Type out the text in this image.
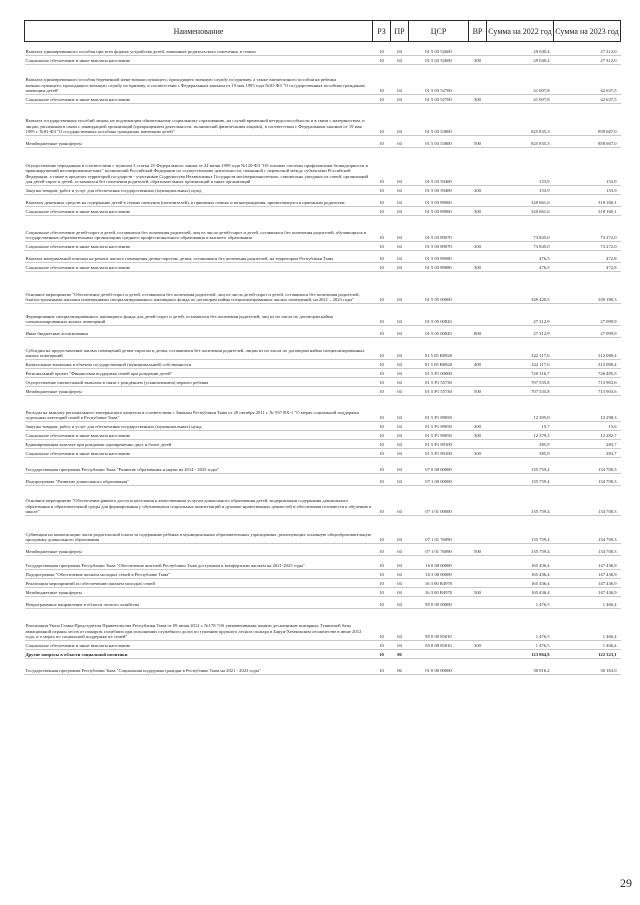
Наименование	РЗ	ПР	ЦСР	ВР	Сумма на 2022 год	Сумма на 2023 год
Выплата единовременного пособия при всех формах устройства детей, лишенных родительского попечения, в семью	10	04	01 5 03 52600		29 040,4	27 312,0
Социальное обеспечение и иные выплаты населению	10	04	01 5 03 52600	300	29 040,4	27 312,0
Выплата единовременного пособия беременной жене военнослужащего, проходящего военную службу по призыву, а также ежемесячного пособия на ребенка военнослужащего, проходящего военную службу по призыву, в соответствии с Федеральным законом от 19 мая 1995 года №81-ФЗ "О государственных пособиях гражданам, имеющим детей"	10	04	01 5 03 52700		41 007,8	42 637,5
Социальное обеспечение и иные выплаты населению	10	04	01 5 03 52700	300	41 007,8	42 637,5
Выплата государственных пособий лицам, не подлежащим обязательному социальному страхованию, на случай временной нетрудоспособности и в связи с материнством, и лицам, уволенным в связи с ликвидацией организаций (прекращением деятельности, полномочий физическими лицами), в соответствии с Федеральным законом от 19 мая 1995 г. №81-ФЗ "О государственных пособиях гражданам, имеющим детей"	10	04	01 5 03 53800		825 835,3	858 667,0
Межбюджетные трансферты	10	04	01 5 03 53800	500	825 835,3	858 667,0
Осуществление переданных в соответствии с пунктом 3 статьи 25 Федерального закона от 24 июня 1999 года №120-ФЗ "Об основах системы профилактики безнадзорности и правонарушений несовершеннолетних" полномочий Российской Федерации по осуществлению деятельности, связанной с перевозкой между субъектами Российской Федерации, а также в пределах территорий государств - участников Содружества Независимых Государств несовершеннолетних, самовольно ушедших из семей, организаций для детей-сирот и детей, оставшихся без попечения родителей, образовательных организаций и иных организаций	10	04	01 5 03 59400		153,9	153,9
Закупка товаров, работ и услуг для обеспечения государственных (муниципальных) нужд	10	04	01 5 03 59400	200	153,9	153,9
Выплаты денежных средств на содержание детей в семьях опекунов (попечителей), в приемных семьях и вознаграждения, причитающегося приемным родителям	10	04	01 5 03 89060		320 661,6	318 160,1
Социальное обеспечение и иные выплаты населению	10	04	01 5 03 89060	300	320 661,6	318 160,1
Социальное обеспечение детей-сирот и детей, оставшихся без попечения родителей, лиц из числа детей-сирот и детей, оставшихся без попечения родителей, обучающихся в государственных образовательных организациях среднего профессионального образования и высшего образования	10	04	01 5 03 89070		73 845,0	73 272,0
Социальное обеспечение и иные выплаты населению	10	04	01 5 03 89070	300	73 845,0	73 272,0
Выплата материальной помощи на ремонт жилого помещения детям-сиротам, детям, оставшимся без попечения родителей, на территории Республики Тыва	10	04	01 5 03 89080		476,5	472,8
Социальное обеспечение и иные выплаты населению	10	04	01 5 03 89080	300	476,5	472,8
Основное мероприятие "Обеспечение детей-сирот и детей, оставшихся без попечения родителей, лиц из числа детей-сирот и детей, оставшихся без попечения родителей, благоустроенными жилыми помещениями специализированного жилищного фонда по договорам найма специализированных жилых помещений, на 2021 – 2023 годы"	10	04	01 5 05 00000		349 420,5	339 180,3
Формирование специализированного жилищного фонда для детей-сирот и детей, оставшихся без попечения родителей, лиц из их числа по договорам найма специализированных жилых помещений	10	04	01 5 05 00820		27 312,9	27 099,9
Иные бюджетные ассигнования	10	04	01 5 05 00820	800	27 312,9	27 099,9
Субсидии на предоставление жилых помещений детям-сиротам и детям, оставшимся без попечения родителей, лицам из их числа по договорам найма специализированных жилых помещений	10	04	01 5 05 R0820		322 117,6	312 080,4
Капитальные вложения в объекты государственной (муниципальной) собственности	10	04	01 5 05 R0820	400	322 117,6	312 080,4
Региональный проект "Финансовая поддержка семей при рождении детей"	10	04	01 5 P1 00000		720 316,7	726 485,5
Осуществление ежемесячной выплаты в связи с рождением (усыновлением) первого ребенка	10	04	01 5 P1 55730		707 535,8	713 903,6
Межбюджетные трансферты	10	04	01 5 P1 55730	500	707 535,8	713 903,6
Расходы на выплату регионального материнского капитала в соответствии с Законом Республики Тыва от 28 октября 2011 г. № 937 ВХ-1 "О мерах социальной поддержки отдельных категорий семей в Республике Тыва"	10	04	01 5 P1 89050		12 395,0	12 298,3
Закупка товаров, работ и услуг для обеспечения государственных (муниципальных) нужд	10	04	01 5 P1 89050	200	15,7	15,6
Социальное обеспечение и иные выплаты населению	10	04	01 5 P1 89050	300	12 379,3	12 282,7
Единовременная выплата при рождении одновременно двух и более детей	10	04	01 5 P1 89100		385,9	283,7
Социальное обеспечение и иные выплаты населению	10	04	01 5 P1 89100	300	385,9	283,7
Государственная программа Республики Тыва "Развитие образования и науки на 2014 - 2025 годы"	10	04	07 0 00 00000		135 759,4	134 700,3
Подпрограмма "Развитие дошкольного образования"	10	04	07 1 00 00000		135 759,4	134 700,3
Основное мероприятие "Обеспечение равного доступа населения к качественным услугам дошкольного образования детей, модернизация содержания дошкольного образования и образовательной среды для формирования у обучающихся социальных компетенций и духовно-нравственных ценностей и обеспечения готовности к обучению в школе"	10	04	07 1 01 00000		135 759,4	134 700,3
Субвенции на компенсацию части родительской платы за содержание ребенка в муниципальных образовательных учреждениях, реализующих основную общеобразовательную программу дошкольного образования	10	04	07 1 01 76090		135 759,4	134 700,3
Межбюджетные трансферты	10	04	07 1 01 76090	500	135 759,4	134 700,3
Государственная программа Республики Тыва "Обеспечение жителей Республики Тыва доступным и комфортным жильем на 2021-2025 годы"	10	04	16 0 00 00000		165 436,4	147 436,9
Подпрограмма "Обеспечение жильем молодых семей в Республике Тыва"	10	04	16 3 00 00000		165 436,4	147 436,9
Реализация мероприятий по обеспечению жильем молодых семей	10	04	16 3 00 R4970		165 436,4	147 436,9
Межбюджетные трансферты	10	04	16 3 00 R4970	500	165 436,4	147 436,9
Непрограммное направление в области лесного хозяйства	10	04	85 0 00 00000		1 476,5	1 466,4
Реализация Указа Главы-Председателя Правительства Республики Тыва от 09 июня 2012 г. №178 "Об увековечивании памяти десантников-пожарных Тувинской базы авиационной охраны лесов от пожаров, погибших при исполнении служебного долга по тушению крупного лесного пожара в Барун-Хемчикском лесничестве в июне 2012 года, и о мерах по социальной поддержке их семей"	10	04	85 0 00 85010		1 476,5	1 466,4
Социальное обеспечение и иные выплаты населению	10	04	85 0 00 85010	300	1 476,5	1 466,4
Другие вопросы в области социальной политики	10	06			123 864,8	122 323,1
Государственная программа Республики Тыва "Социальная поддержка граждан в Республике Тыва на 2021 - 2023 годы"	10	06	01 0 00 00000		30 916,2	30 163,0
29
